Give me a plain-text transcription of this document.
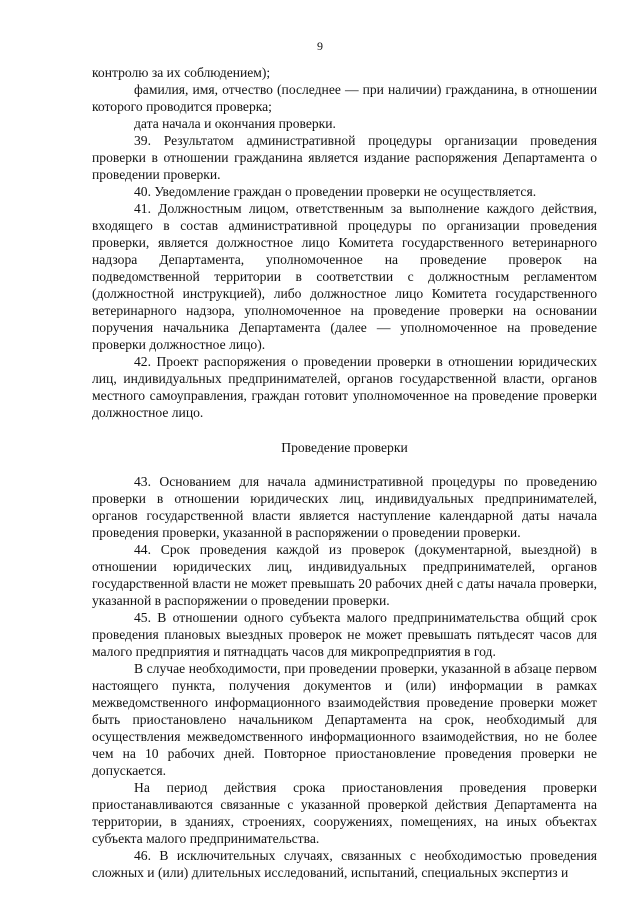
9

контролю за их соблюдением);

фамилия, имя, отчество (последнее — при наличии) гражданина, в отношении которого проводится проверка;

дата начала и окончания проверки.

39. Результатом административной процедуры организации проведения проверки в отношении гражданина является издание распоряжения Департамента о проведении проверки.

40. Уведомление граждан о проведении проверки не осуществляется.

41. Должностным лицом, ответственным за выполнение каждого действия, входящего в состав административной процедуры по организации проведения проверки, является должностное лицо Комитета государственного ветеринарного надзора Департамента, уполномоченное на проведение проверок на подведомственной территории в соответствии с должностным регламентом (должностной инструкцией), либо должностное лицо Комитета государственного ветеринарного надзора, уполномоченное на проведение проверки на основании поручения начальника Департамента (далее — уполномоченное на проведение проверки должностное лицо).

42. Проект распоряжения о проведении проверки в отношении юридических лиц, индивидуальных предпринимателей, органов государственной власти, органов местного самоуправления, граждан готовит уполномоченное на проведение проверки должностное лицо.

Проведение проверки

43. Основанием для начала административной процедуры по проведению проверки в отношении юридических лиц, индивидуальных предпринимателей, органов государственной власти является наступление календарной даты начала проведения проверки, указанной в распоряжении о проведении проверки.

44. Срок проведения каждой из проверок (документарной, выездной) в отношении юридических лиц, индивидуальных предпринимателей, органов государственной власти не может превышать 20 рабочих дней с даты начала проверки, указанной в распоряжении о проведении проверки.

45. В отношении одного субъекта малого предпринимательства общий срок проведения плановых выездных проверок не может превышать пятьдесят часов для малого предприятия и пятнадцать часов для микропредприятия в год.

В случае необходимости, при проведении проверки, указанной в абзаце первом настоящего пункта, получения документов и (или) информации в рамках межведомственного информационного взаимодействия проведение проверки может быть приостановлено начальником Департамента на срок, необходимый для осуществления межведомственного информационного взаимодействия, но не более чем на 10 рабочих дней. Повторное приостановление проведения проверки не допускается.

На период действия срока приостановления проведения проверки приостанавливаются связанные с указанной проверкой действия Департамента на территории, в зданиях, строениях, сооружениях, помещениях, на иных объектах субъекта малого предпринимательства.

46. В исключительных случаях, связанных с необходимостью проведения сложных и (или) длительных исследований, испытаний, специальных экспертиз и
